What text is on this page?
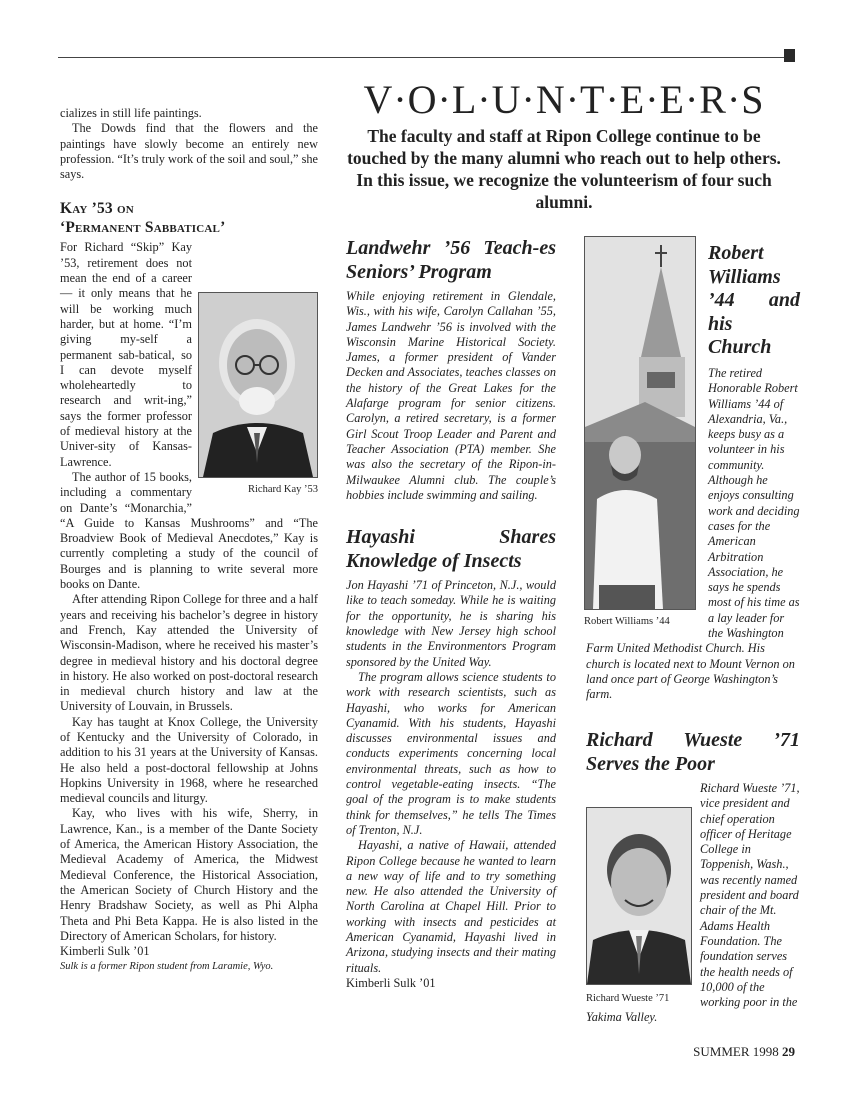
V·O·L·U·N·T·E·E·R·S
The faculty and staff at Ripon College continue to be touched by the many alumni who reach out to help others. In this issue, we recognize the volunteerism of four such alumni.

cializes in still life paintings.

The Dowds find that the flowers and the paintings have slowly become an entirely new profession. “It’s truly work of the soil and soul,” she says.

Kay ’53 on

‘Permanent Sabbatical’

Richard Kay ’53

For Richard “Skip” Kay ’53, retirement does not mean the end of a career — it only means that he will be working much harder, but at home. “I’m giving my-self a permanent sab-batical, so I can devote myself wholeheartedly to research and writ-ing,” says the former professor of medieval history at the Univer-sity of Kansas-Lawrence.

The author of 15 books, including a commentary on Dante’s “Monarchia,” “A Guide to Kansas Mushrooms” and “The Broadview Book of Medieval Anecdotes,” Kay is currently completing a study of the council of Bourges and is planning to write several more books on Dante.

After attending Ripon College for three and a half years and receiving his bachelor’s degree in history and French, Kay attended the University of Wisconsin-Madison, where he received his master’s degree in medieval history and his doctoral degree in history. He also worked on post-doctoral research in medieval church history and law at the University of Louvain, in Brussels.

Kay has taught at Knox College, the University of Kentucky and the University of Colorado, in addition to his 31 years at the University of Kansas. He also held a post-doctoral fellowship at Johns Hopkins University in 1968, where he researched medieval councils and liturgy.

Kay, who lives with his wife, Sherry, in Lawrence, Kan., is a member of the Dante Society of America, the American History Association, the Medieval Academy of America, the Midwest Medieval Conference, the Historical Association, the American Society of Church History and the Henry Bradshaw Society, as well as Phi Alpha Theta and Phi Beta Kappa. He is also listed in the Directory of American Scholars, for history.

Kimberli Sulk ’01

Sulk is a former Ripon student from Laramie, Wyo.

Landwehr ’56 Teach-es Seniors’ Program

While enjoying retirement in Glendale, Wis., with his wife, Carolyn Callahan ’55, James Landwehr ’56 is involved with the Wisconsin Marine Historical Society. James, a former president of Vander Decken and Associates, teaches classes on the history of the Great Lakes for the Alafarge program for senior citizens. Carolyn, a retired secretary, is a former Girl Scout Troop Leader and Parent and Teacher Association (PTA) member. She was also the secretary of the Ripon-in-Milwaukee Alumni club. The couple’s hobbies include swimming and sailing.

Hayashi Shares Knowledge of Insects

Jon Hayashi ’71 of Princeton, N.J., would like to teach someday. While he is waiting for the opportunity, he is sharing his knowledge with New Jersey high school students in the Environmentors Program sponsored by the United Way.

The program allows science students to work with research scientists, such as Hayashi, who works for American Cyanamid. With his students, Hayashi discusses environmental issues and conducts experiments concerning local environmental threats, such as how to control vegetable-eating insects. “The goal of the program is to make students think for themselves,” he tells The Times of Trenton, N.J.

Hayashi, a native of Hawaii, attended Ripon College because he wanted to learn a new way of life and to try something new. He also attended the University of North Carolina at Chapel Hill. Prior to working with insects and pesticides at American Cyanamid, Hayashi lived in Arizona, studying insects and their mating rituals.

Kimberli Sulk ’01

Robert Williams ’44

Robert Williams ’44 and his Church

The retired Honorable Robert Williams ’44 of Alexandria, Va., keeps busy as a volunteer in his community. Although he enjoys consulting work and deciding cases for the American Arbitration Association, he says he spends most of his time as a lay leader for the Washington Farm United Methodist Church. His church is located next to Mount Vernon on land once part of George Washington’s farm.

Richard Wueste ’71 Serves the Poor

Richard Wueste ’71

Richard Wueste ’71, vice president and chief operation officer of Heritage College in Toppenish, Wash., was recently named president and board chair of the Mt. Adams Health Foundation. The foundation serves the health needs of 10,000 of the working poor in the Yakima Valley.

SUMMER 1998 29
